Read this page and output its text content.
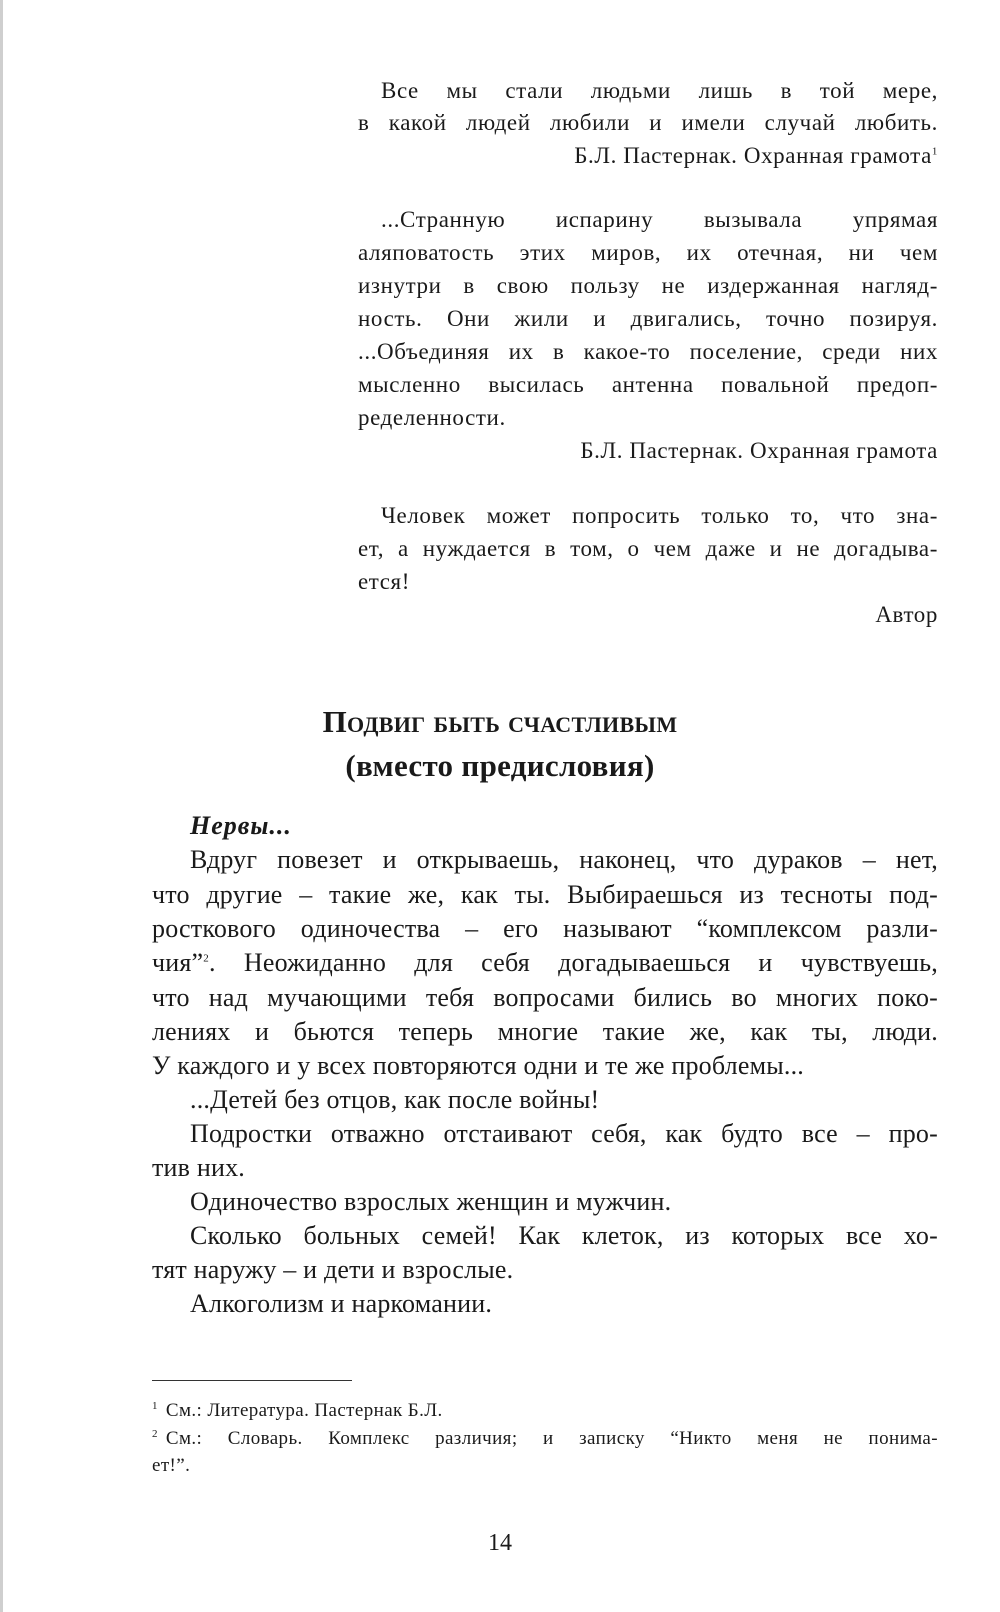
Все мы стали людьми лишь в той мере,
в какой людей любили и имели случай любить.
Б.Л. Пастернак. Охранная грамота$^1$
...Странную испарину вызывала упрямая
аляповатость этих миров, их отечная, ни чем
изнутри в свою пользу не издержанная нагляд-
ность. Они жили и двигались, точно позируя.
...Объединяя их в какое-то поселение, среди них
мысленно высилась антенна повальной предоп-
ределенности.
Б.Л. Пастернак. Охранная грамота
Человек может попросить только то, что зна-
ет, а нуждается в том, о чем даже и не догадыва-
ется!
Автор
Подвиг быть счастливым
(вместо предисловия)
Нервы...
Вдруг повезет и открываешь, наконец, что дураков – нет,
что другие – такие же, как ты. Выбираешься из тесноты под-
росткового одиночества – его называют “комплексом разли-
чия”$^2$. Неожиданно для себя догадываешься и чувствуешь,
что над мучающими тебя вопросами бились во многих поко-
лениях и бьются теперь многие такие же, как ты, люди.
У каждого и у всех повторяются одни и те же проблемы...
...Детей без отцов, как после войны!
Подростки отважно отстаивают себя, как будто все – про-
тив них.
Одиночество взрослых женщин и мужчин.
Сколько больных семей! Как клеток, из которых все хо-
тят наружу – и дети и взрослые.
Алкоголизм и наркомании.
$^1$ См.: Литература. Пастернак Б.Л.
$^2$ См.: Словарь. Комплекс различия; и записку “Никто меня не понима-
ет!”.
14
